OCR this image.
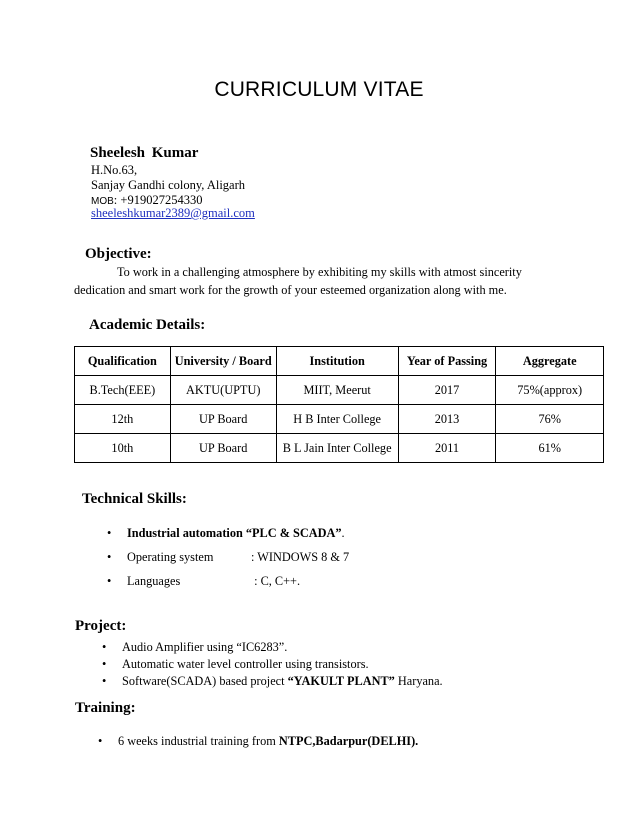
CURRICULUM VITAE
Sheelesh Kumar
H.No.63,
Sanjay Gandhi colony, Aligarh
MOB: +919027254330
sheeleshkumar2389@gmail.com
Objective:
To work in a challenging atmosphere by exhibiting my skills with atmost sincerity
dedication and smart work for the growth of your esteemed organization along with me.
Academic Details:
Qualification	University / Board	Institution	Year of Passing	Aggregate
B.Tech(EEE)	AKTU(UPTU)	MIIT, Meerut	2017	75%(approx)
12th	UP Board	H B Inter College	2013	76%
10th	UP Board	B L Jain Inter College	2011	61%
Technical Skills:
• Industrial automation “PLC & SCADA”.
• Operating system	: WINDOWS 8 & 7
• Languages	: C, C++.
Project:
• Audio Amplifier using “IC6283”.
• Automatic water level controller using transistors.
• Software(SCADA) based project “YAKULT PLANT” Haryana.
Training:
• 6 weeks industrial training from NTPC,Badarpur(DELHI).
